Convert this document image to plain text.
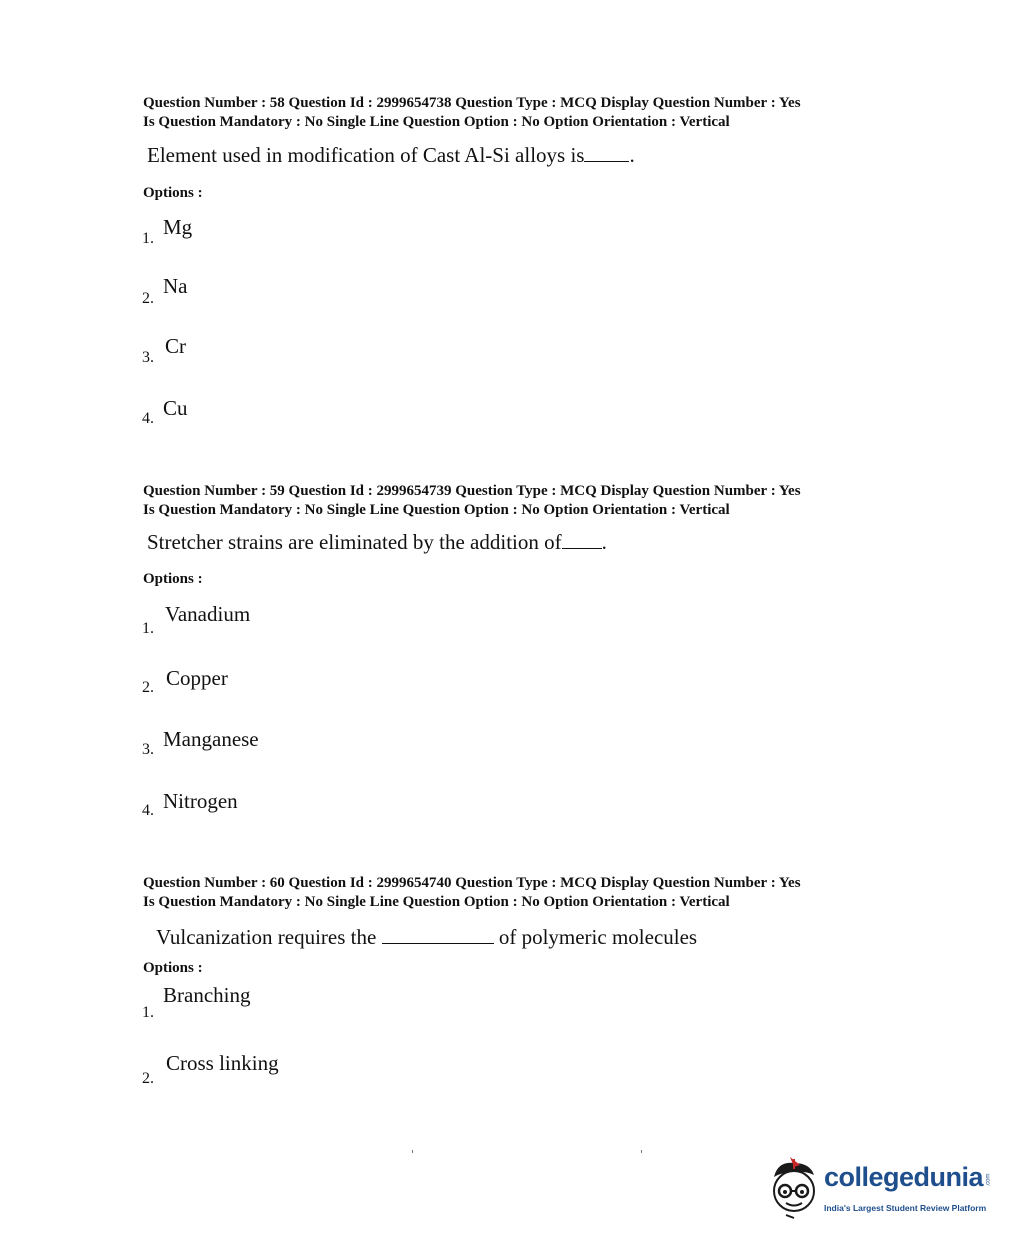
Question Number : 58 Question Id : 2999654738 Question Type : MCQ Display Question Number : Yes
Is Question Mandatory : No Single Line Question Option : No Option Orientation : Vertical
Element used in modification of Cast Al-Si alloys is .
Options :
1. Mg
2.
Na
3. Cr
4. Cu
Question Number : 59 Question Id : 2999654739 Question Type : MCQ Display Question Number : Yes
Is Question Mandatory : No Single Line Question Option : No Option Orientation : Vertical
Stretcher strains are eliminated by the addition of .
Options :
1.
Vanadium
2. Copper
3. Manganese
4. Nitrogen
Question Number : 60 Question Id : 2999654740 Question Type : MCQ Display Question Number : Yes
Is Question Mandatory : No Single Line Question Option : No Option Orientation : Vertical
Vulcanization requires the	of polymeric molecules
Options :
1.
Branching
2.
Cross linking
collegedunia .com
India's Largest Student Review Platform
